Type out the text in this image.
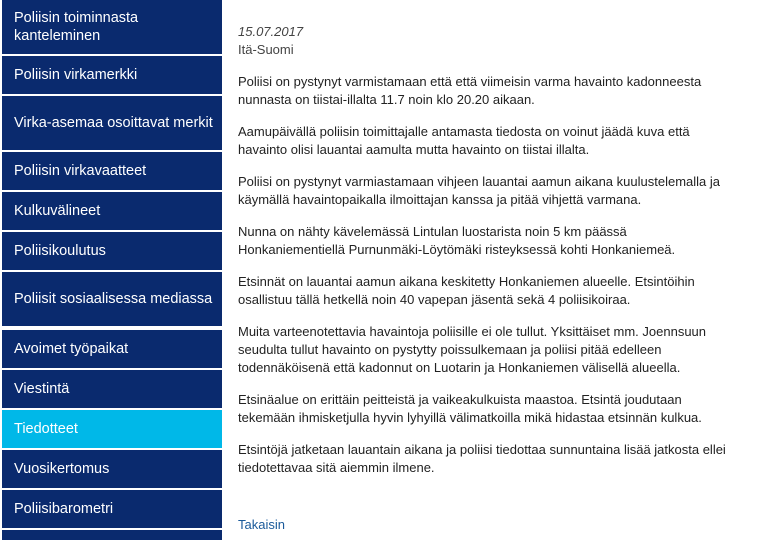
Poliisin toiminnasta kanteleminen
Poliisin virkamerkki
Virka-asemaa osoittavat merkit
Poliisin virkavaatteet
Kulkuvälineet
Poliisikoulutus
Poliisit sosiaalisessa mediassa
Avoimet työpaikat
Viestintä
Tiedotteet
Vuosikertomus
Poliisibarometri
15.07.2017
Itä-Suomi

Poliisi on pystynyt varmistamaan että että viimeisin varma havainto kadonneesta nunnasta on tiistai-illalta 11.7 noin klo 20.20 aikaan.

Aamupäivällä poliisin toimittajalle antamasta tiedosta on voinut jäädä kuva että havainto olisi lauantai aamulta mutta havainto on tiistai illalta.

Poliisi on pystynyt varmiastamaan vihjeen lauantai aamun aikana kuulustelemalla ja käymällä havaintopaikalla ilmoittajan kanssa ja pitää vihjettä varmana.

Nunna on nähty kävelemässä Lintulan luostarista noin 5 km päässä Honkaniementiellä Purnunmäki-Löytömäki risteyksessä kohti Honkaniemeä.

Etsinnät on lauantai aamun aikana keskitetty Honkaniemen alueelle. Etsintöihin osallistuu tällä hetkellä noin 40 vapepan jäsentä sekä 4 poliisikoiraa.

Muita varteenotettavia havaintoja poliisille ei ole tullut. Yksittäiset mm. Joennsuun seudulta tullut havainto on pystytty poissulkemaan ja poliisi pitää edelleen todennäköisenä että kadonnut on Luotarin ja Honkaniemen välisellä alueella.

Etsinäalue on erittäin peitteistä ja vaikeakulkuista maastoa. Etsintä joudutaan tekemään ihmisketjulla hyvin lyhyillä välimatkoilla mikä hidastaa etsinnän kulkua.

Etsintöjä jatketaan lauantain aikana ja poliisi tiedottaa sunnuntaina lisää jatkosta ellei tiedotettavaa sitä aiemmin ilmene.

Takaisin
